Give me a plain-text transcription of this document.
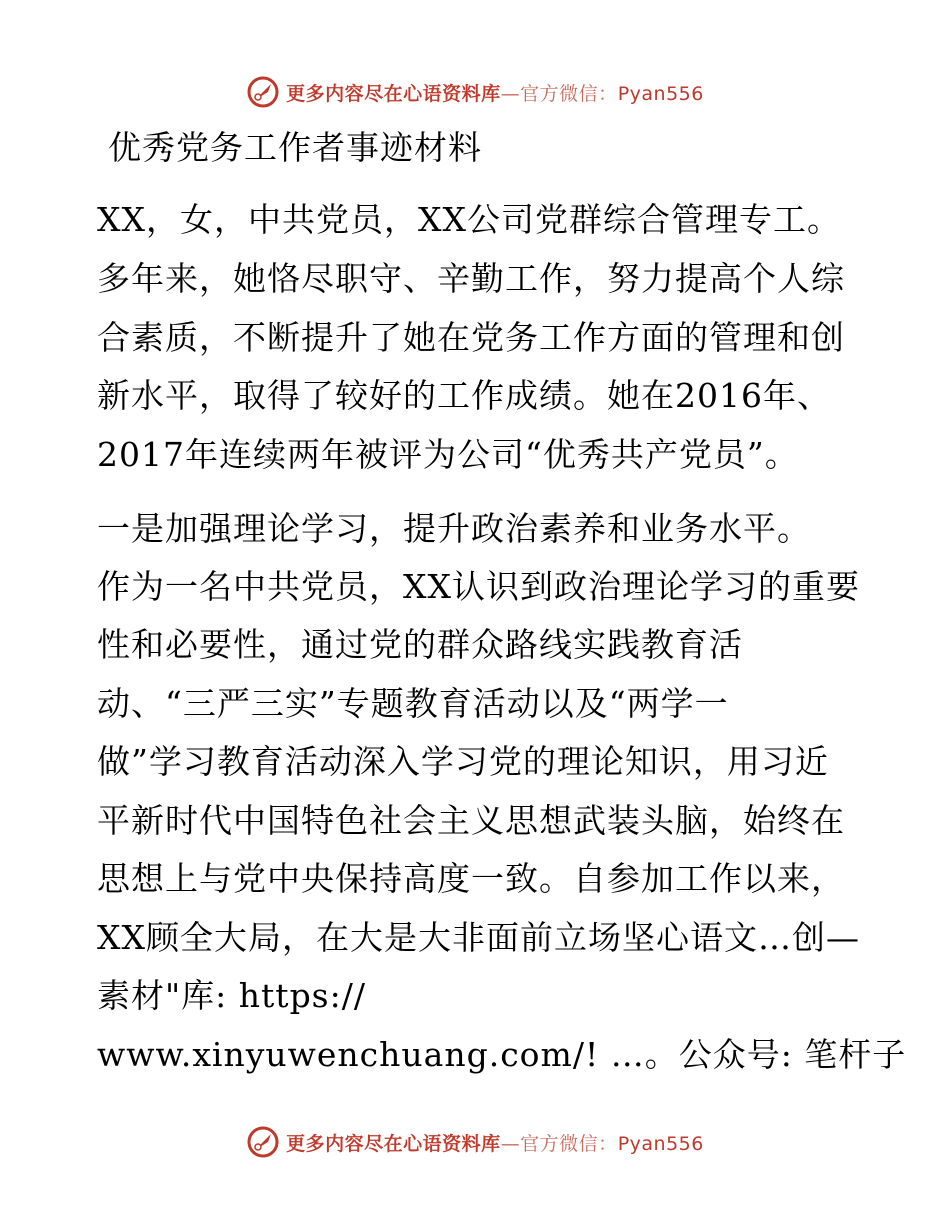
更多内容尽在心语资料库—官方微信：Pyan556
优秀党务工作者事迹材料
XX，女，中共党员，XX公司党群综合管理专工。
多年来，她恪尽职守、辛勤工作，努力提高个人综
合素质，不断提升了她在党务工作方面的管理和创
新水平，取得了较好的工作成绩。她在2016年、
2017年连续两年被评为公司“优秀共产党员”。
一是加强理论学习，提升政治素养和业务水平。
作为一名中共党员，XX认识到政治理论学习的重要
性和必要性，通过党的群众路线实践教育活
动、“三严三实”专题教育活动以及“两学一
做”学习教育活动深入学习党的理论知识，用习近
平新时代中国特色社会主义思想武装头脑，始终在
思想上与党中央保持高度一致。自参加工作以来，
XX顾全大局，在大是大非面前立场坚心语文…创—
素材"库: https://
www.xinyuwenchuang.com/! …。公众号: 笔杆子
更多内容尽在心语资料库—官方微信：Pyan556
